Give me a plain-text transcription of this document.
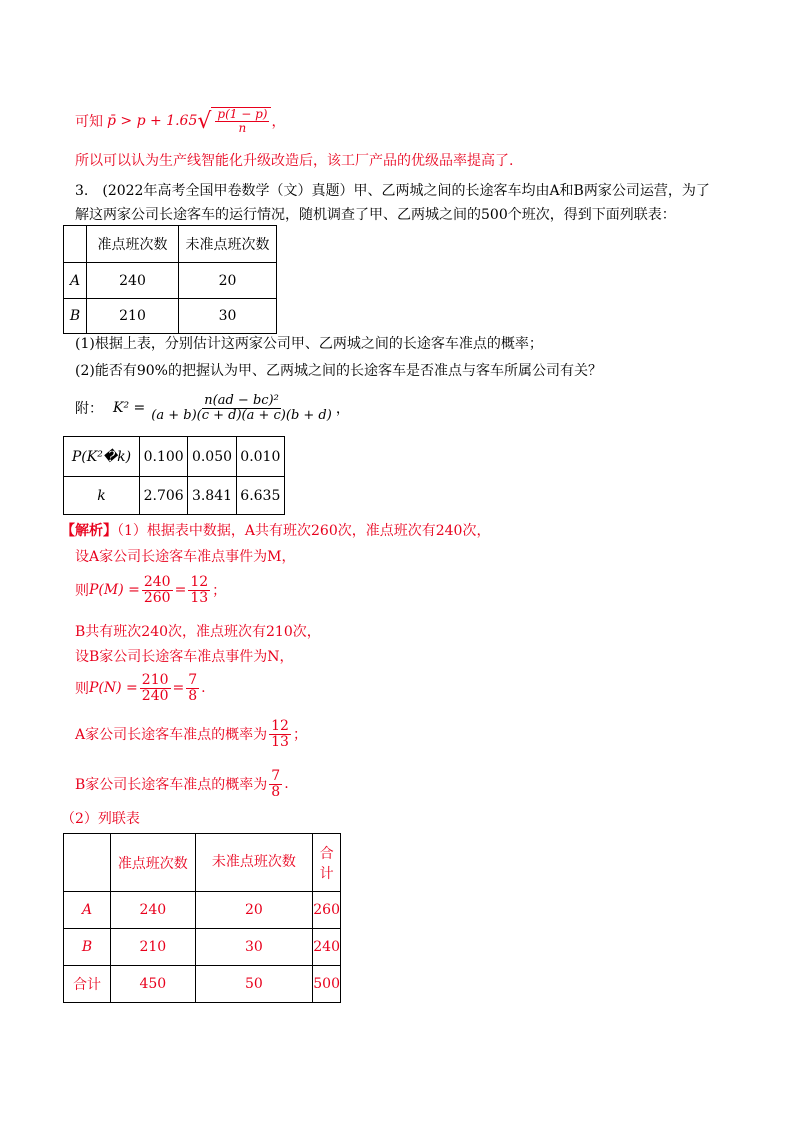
可知 p̄ > p + 1.65 √ $\frac{p(1 - p)}{n}$ ，
所以可以认为生产线智能化升级改造后，该工厂产品的优级品率提高了.
3.　(2022年高考全国甲卷数学（文）真题）甲、乙两城之间的长途客车均由A和B两家公司运营，为了
解这两家公司长途客车的运行情况，随机调查了甲、乙两城之间的500个班次，得到下面列联表：
	准点班次数	未准点班次数
A	240	20
B	210	30
(1)根据上表，分别估计这两家公司甲、乙两城之间的长途客车准点的概率；
(2)能否有90%的把握认为甲、乙两城之间的长途客车是否准点与客车所属公司有关？
附： $K^2 = \frac{\text{n(ad − bc)²}}{(a + b)(c + d)(a + c)(b + d)}$ ，
P(K²�k)	0.100	0.050	0.010
k	2.706	3.841	6.635
【解析】（1）根据表中数据，A共有班次260次，准点班次有240次，
设A家公司长途客车准点事件为M，
则 $P(M) = \frac{240}{260} = \frac{12}{13}$ ；
B共有班次240次，准点班次有210次，
设B家公司长途客车准点事件为N，
则 $P(N) = \frac{210}{240} = \frac{7}{8}$ .
A家公司长途客车准点的概率为 $\frac{12}{13}$ ；
B家公司长途客车准点的概率为 $\frac{7}{8}$ .
（2）列联表
	准点班次数	未准点班次数	合计
A	240	20	260
B	210	30	240
合计	450	50	500
